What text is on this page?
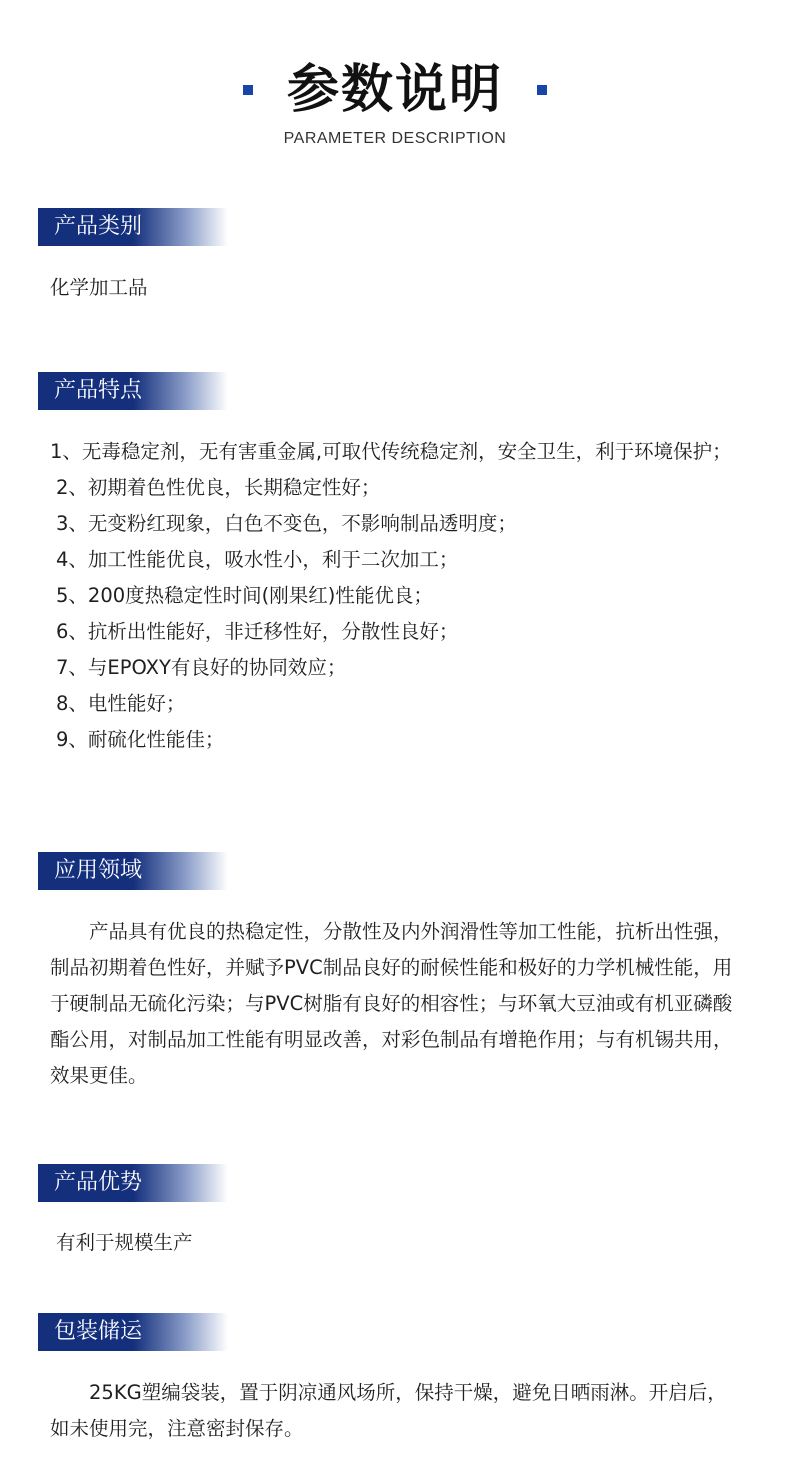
参数说明
PARAMETER DESCRIPTION
产品类别
化学加工品
产品特点
1、无毒稳定剂，无有害重金属,可取代传统稳定剂，安全卫生，利于环境保护；
2、初期着色性优良，长期稳定性好；
3、无变粉红现象，白色不变色，不影响制品透明度；
4、加工性能优良，吸水性小，利于二次加工；
5、200度热稳定性时间(刚果红)性能优良；
6、抗析出性能好，非迁移性好，分散性良好；
7、与EPOXY有良好的协同效应；
8、电性能好；
9、耐硫化性能佳；
应用领域

产品具有优良的热稳定性，分散性及内外润滑性等加工性能，抗析出性强，制品初期着色性好，并赋予PVC制品良好的耐候性能和极好的力学机械性能，用于硬制品无硫化污染；与PVC树脂有良好的相容性；与环氧大豆油或有机亚磷酸酯公用，对制品加工性能有明显改善，对彩色制品有增艳作用；与有机锡共用，效果更佳。

产品优势
有利于规模生产
包装储运

25KG塑编袋装，置于阴凉通风场所，保持干燥，避免日晒雨淋。开启后，如未使用完，注意密封保存。
